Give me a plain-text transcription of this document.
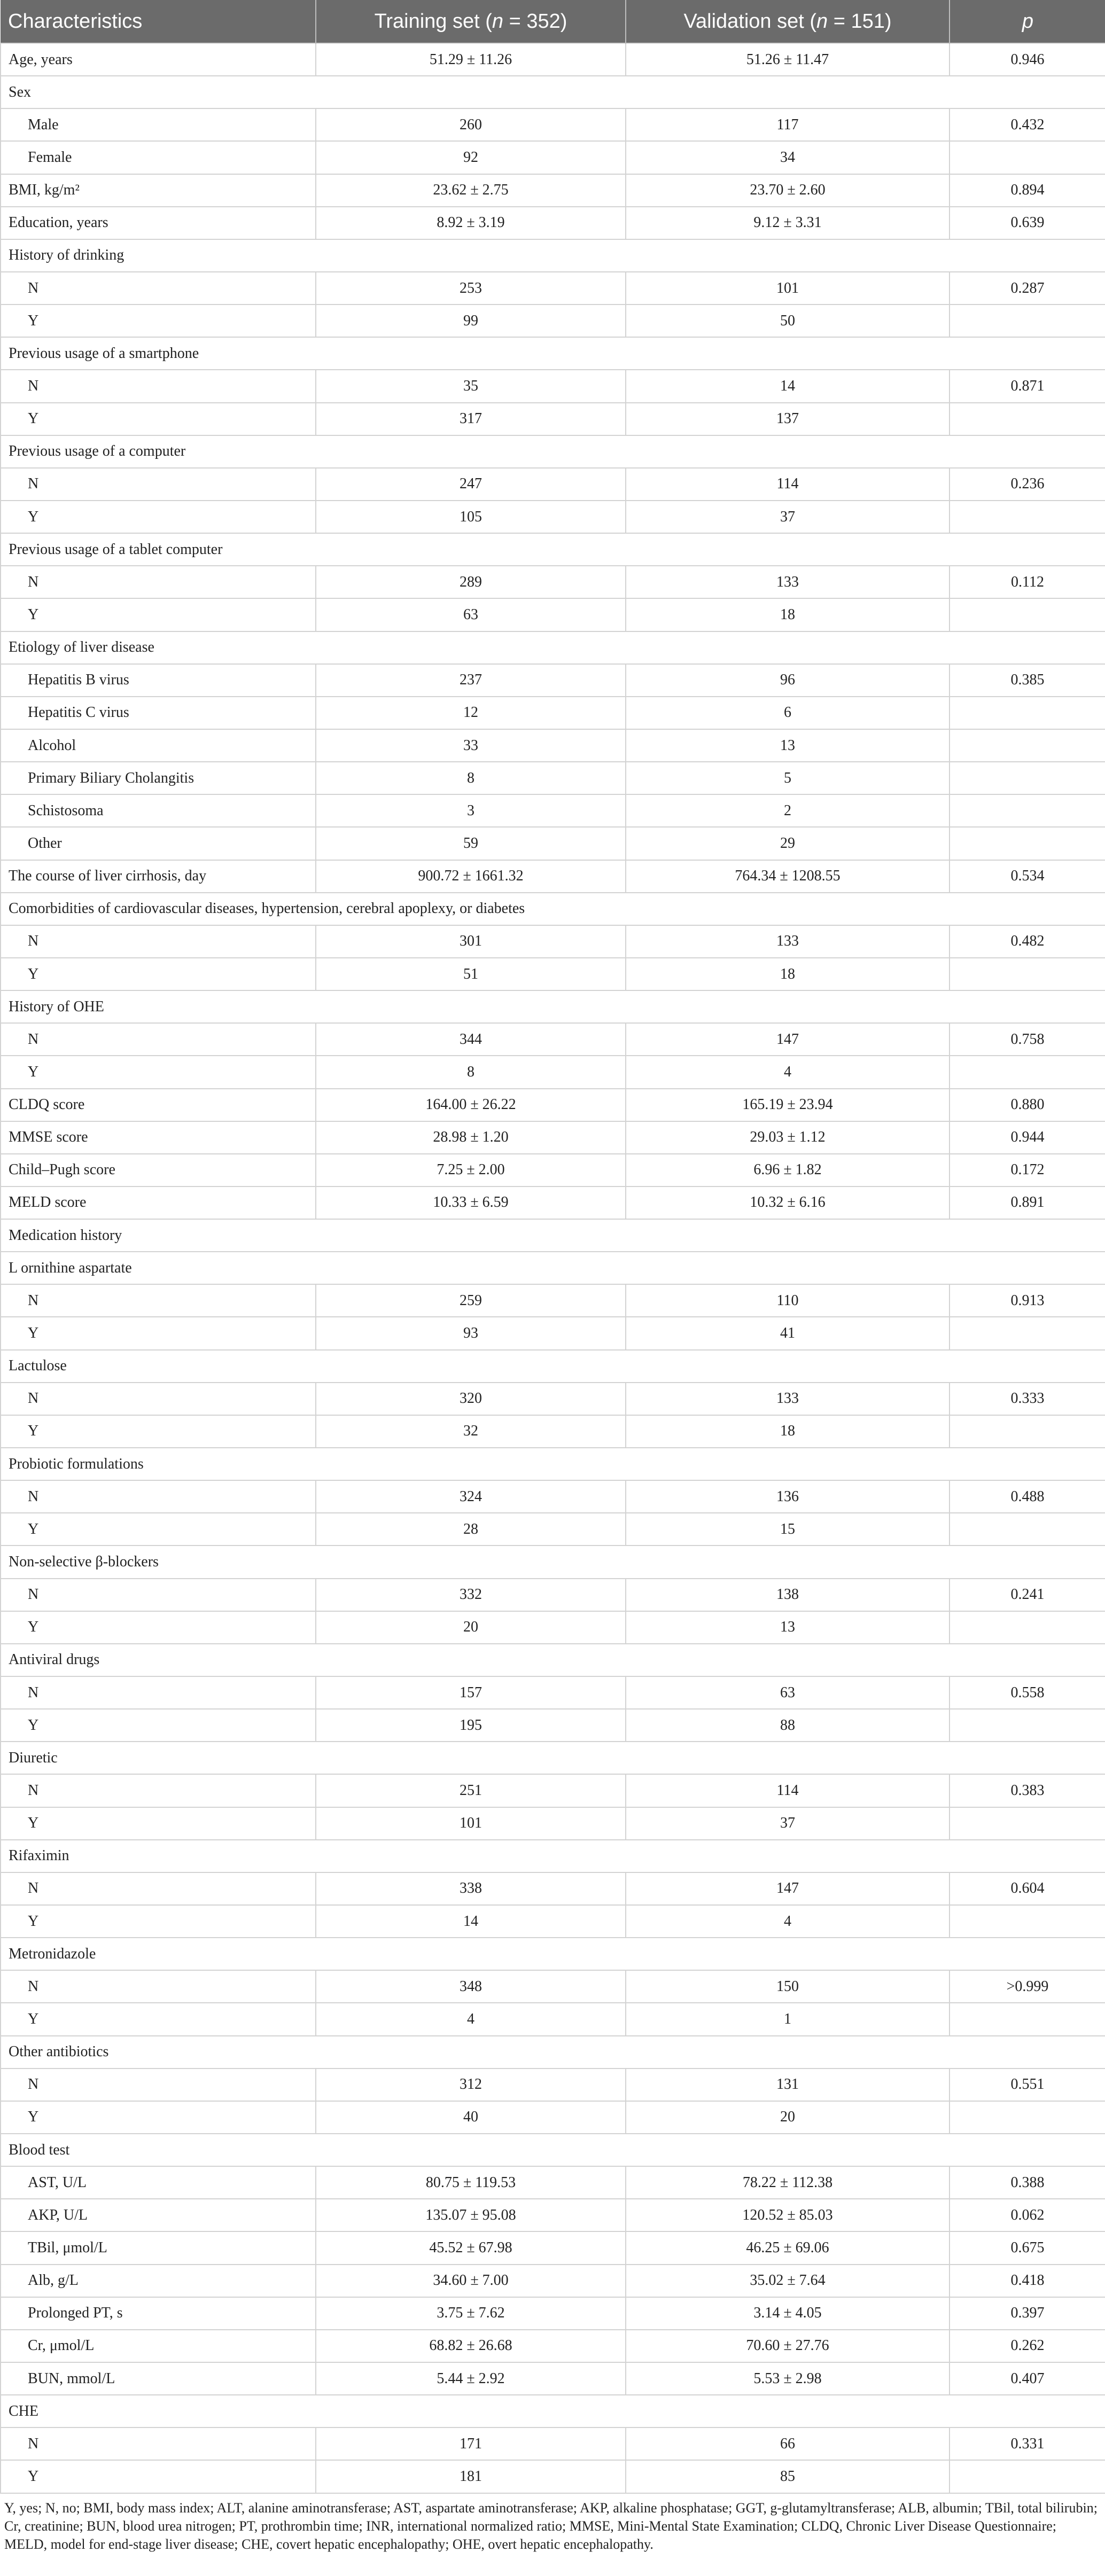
Characteristics	Training set (n = 352)	Validation set (n = 151)	p
Age, years	51.29 ± 11.26	51.26 ± 11.47	0.946
Sex			
Male	260	117	0.432
Female	92	34	
BMI, kg/m²	23.62 ± 2.75	23.70 ± 2.60	0.894
Education, years	8.92 ± 3.19	9.12 ± 3.31	0.639
History of drinking			
N	253	101	0.287
Y	99	50	
Previous usage of a smartphone			
N	35	14	0.871
Y	317	137	
Previous usage of a computer			
N	247	114	0.236
Y	105	37	
Previous usage of a tablet computer			
N	289	133	0.112
Y	63	18	
Etiology of liver disease			
Hepatitis B virus	237	96	0.385
Hepatitis C virus	12	6	
Alcohol	33	13	
Primary Biliary Cholangitis	8	5	
Schistosoma	3	2	
Other	59	29	
The course of liver cirrhosis, day	900.72 ± 1661.32	764.34 ± 1208.55	0.534
Comorbidities of cardiovascular diseases, hypertension, cerebral apoplexy, or diabetes			
N	301	133	0.482
Y	51	18	
History of OHE			
N	344	147	0.758
Y	8	4	
CLDQ score	164.00 ± 26.22	165.19 ± 23.94	0.880
MMSE score	28.98 ± 1.20	29.03 ± 1.12	0.944
Child–Pugh score	7.25 ± 2.00	6.96 ± 1.82	0.172
MELD score	10.33 ± 6.59	10.32 ± 6.16	0.891
Medication history			
L ornithine aspartate			
N	259	110	0.913
Y	93	41	
Lactulose			
N	320	133	0.333
Y	32	18	
Probiotic formulations			
N	324	136	0.488
Y	28	15	
Non-selective β-blockers			
N	332	138	0.241
Y	20	13	
Antiviral drugs			
N	157	63	0.558
Y	195	88	
Diuretic			
N	251	114	0.383
Y	101	37	
Rifaximin			
N	338	147	0.604
Y	14	4	
Metronidazole			
N	348	150	>0.999
Y	4	1	
Other antibiotics			
N	312	131	0.551
Y	40	20	
Blood test			
AST, U/L	80.75 ± 119.53	78.22 ± 112.38	0.388
AKP, U/L	135.07 ± 95.08	120.52 ± 85.03	0.062
TBil, μmol/L	45.52 ± 67.98	46.25 ± 69.06	0.675
Alb, g/L	34.60 ± 7.00	35.02 ± 7.64	0.418
Prolonged PT, s	3.75 ± 7.62	3.14 ± 4.05	0.397
Cr, μmol/L	68.82 ± 26.68	70.60 ± 27.76	0.262
BUN, mmol/L	5.44 ± 2.92	5.53 ± 2.98	0.407
CHE			
N	171	66	0.331
Y	181	85	
Y, yes; N, no; BMI, body mass index; ALT, alanine aminotransferase; AST, aspartate aminotransferase; AKP, alkaline phosphatase; GGT, g-glutamyltransferase; ALB, albumin; TBil, total bilirubin; Cr, creatinine; BUN, blood urea nitrogen; PT, prothrombin time; INR, international normalized ratio; MMSE, Mini-Mental State Examination; CLDQ, Chronic Liver Disease Questionnaire; MELD, model for end-stage liver disease; CHE, covert hepatic encephalopathy; OHE, overt hepatic encephalopathy.
